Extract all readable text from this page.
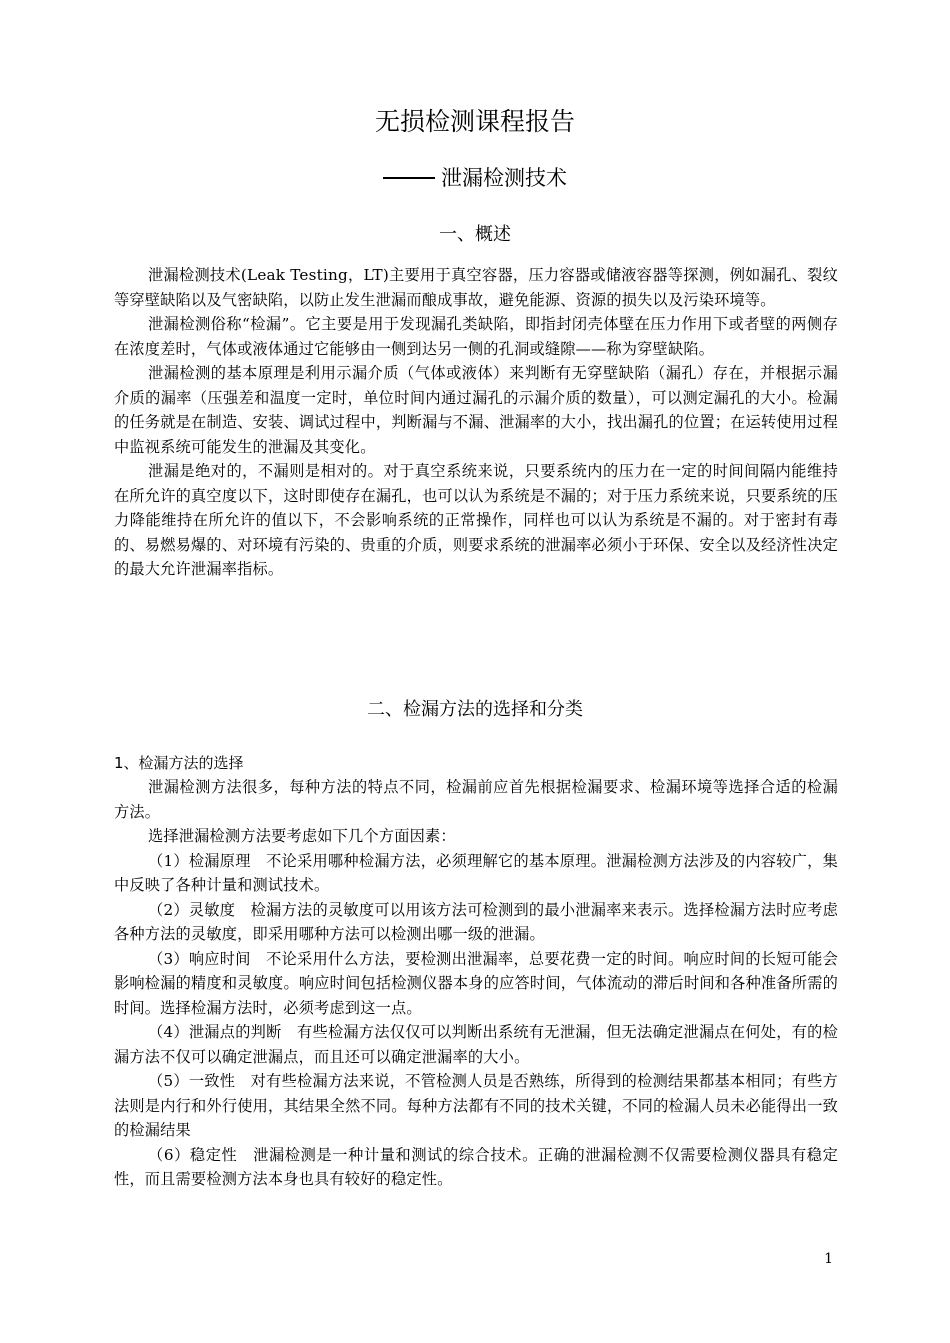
无损检测课程报告
泄漏检测技术
一、概述

泄漏检测技术(Leak Testing，LT)主要用于真空容器，压力容器或储液容器等探测，例如漏孔、裂纹等穿壁缺陷以及气密缺陷，以防止发生泄漏而酿成事故，避免能源、资源的损失以及污染环境等。

泄漏检测俗称“检漏”。它主要是用于发现漏孔类缺陷，即指封闭壳体壁在压力作用下或者壁的两侧存在浓度差时，气体或液体通过它能够由一侧到达另一侧的孔洞或缝隙——称为穿壁缺陷。

泄漏检测的基本原理是利用示漏介质（气体或液体）来判断有无穿壁缺陷（漏孔）存在，并根据示漏介质的漏率（压强差和温度一定时，单位时间内通过漏孔的示漏介质的数量），可以测定漏孔的大小。检漏的任务就是在制造、安装、调试过程中，判断漏与不漏、泄漏率的大小，找出漏孔的位置；在运转使用过程中监视系统可能发生的泄漏及其变化。

泄漏是绝对的，不漏则是相对的。对于真空系统来说，只要系统内的压力在一定的时间间隔内能维持在所允许的真空度以下，这时即使存在漏孔，也可以认为系统是不漏的；对于压力系统来说，只要系统的压力降能维持在所允许的值以下，不会影响系统的正常操作，同样也可以认为系统是不漏的。对于密封有毒的、易燃易爆的、对环境有污染的、贵重的介质，则要求系统的泄漏率必须小于环保、安全以及经济性决定的最大允许泄漏率指标。

二、检漏方法的选择和分类
1、检漏方法的选择

泄漏检测方法很多，每种方法的特点不同，检漏前应首先根据检漏要求、检漏环境等选择合适的检漏方法。

选择泄漏检测方法要考虑如下几个方面因素：

（1）检漏原理　不论采用哪种检漏方法，必须理解它的基本原理。泄漏检测方法涉及的内容较广，集中反映了各种计量和测试技术。

（2）灵敏度　检漏方法的灵敏度可以用该方法可检测到的最小泄漏率来表示。选择检漏方法时应考虑各种方法的灵敏度，即采用哪种方法可以检测出哪一级的泄漏。

（3）响应时间　不论采用什么方法，要检测出泄漏率，总要花费一定的时间。响应时间的长短可能会影响检漏的精度和灵敏度。响应时间包括检测仪器本身的应答时间，气体流动的滞后时间和各种准备所需的时间。选择检漏方法时，必须考虑到这一点。

（4）泄漏点的判断　有些检漏方法仅仅可以判断出系统有无泄漏，但无法确定泄漏点在何处，有的检漏方法不仅可以确定泄漏点，而且还可以确定泄漏率的大小。

（5）一致性　对有些检漏方法来说，不管检测人员是否熟练，所得到的检测结果都基本相同；有些方法则是内行和外行使用，其结果全然不同。每种方法都有不同的技术关键，不同的检漏人员未必能得出一致的检漏结果

（6）稳定性　泄漏检测是一种计量和测试的综合技术。正确的泄漏检测不仅需要检测仪器具有稳定性，而且需要检测方法本身也具有较好的稳定性。

1
